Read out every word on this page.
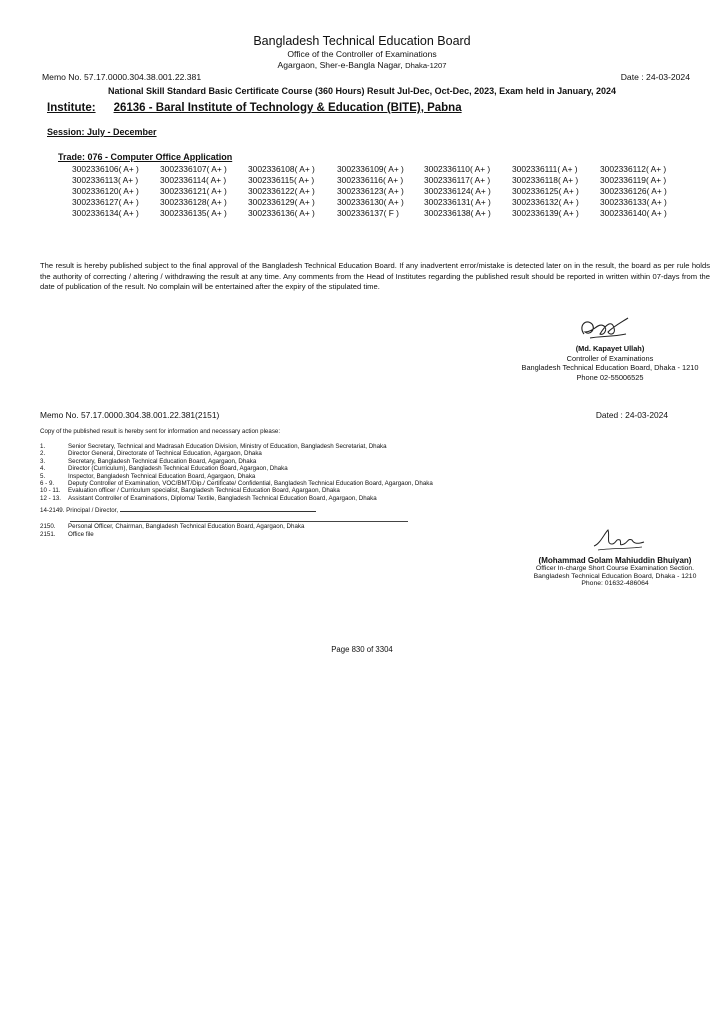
Bangladesh Technical Education Board
Office of the Controller of Examinations
Agargaon, Sher-e-Bangla Nagar, Dhaka-1207
Memo No. 57.17.0000.304.38.001.22.381	Date : 24-03-2024
National Skill Standard Basic Certificate Course (360 Hours) Result Jul-Dec, Oct-Dec, 2023, Exam held in January, 2024
Institute: 26136 - Baral Institute of Technology & Education (BITE), Pabna
Session: July - December
Trade: 076 - Computer Office Application
3002336106( A+ )	3002336107( A+ )	3002336108( A+ )	3002336109( A+ ) 3002336110( A+ )	3002336111( A+ )	3002336112( A+ )
3002336113( A+ )	3002336114( A+ )	3002336115( A+ )	3002336116( A+ ) 3002336117( A+ )	3002336118( A+ )	3002336119( A+ )
3002336120( A+ )	3002336121( A+ )	3002336122( A+ )	3002336123( A+ ) 3002336124( A+ )	3002336125( A+ )	3002336126( A+ )
3002336127( A+ )	3002336128( A+ )	3002336129( A+ )	3002336130( A+ ) 3002336131( A+ )	3002336132( A+ )	3002336133( A+ )
3002336134( A+ )	3002336135( A+ )	3002336136( A+ )	3002336137( F )	3002336138( A+ )	3002336139( A+ )	3002336140( A+ )
The result is hereby published subject to the final approval of the Bangladesh Technical Education Board. If any inadvertent error/mistake is detected later on in the result, the board as per rule holds the authority of correcting / altering / withdrawing the result at any time. Any comments from the Head of Institutes regarding the published result should be reported in written within 07-days from the date of publication of the result. No complain will be entertained after the expiry of the stipulated time.
(Md. Kapayet Ullah)
Controller of Examinations
Bangladesh Technical Education Board, Dhaka - 1210
Phone 02-55006525
Memo No. 57.17.0000.304.38.001.22.381(2151)	Dated : 24-03-2024
Copy of the published result is hereby sent for information and necessary action please:
1.	Senior Secretary, Technical and Madrasah Education Division, Ministry of Education, Bangladesh Secretariat, Dhaka
2.	Director General, Directorate of Technical Education, Agargaon, Dhaka
3.	Secretary, Bangladesh Technical Education Board, Agargaon, Dhaka
4.	Director (Curriculum), Bangladesh Technical Education Board, Agargaon, Dhaka
5.	Inspector, Bangladesh Technical Education Board, Agargaon, Dhaka
6 - 9. Deputy Controller of Examination, VOC/BMT/Dip./ Certificate/ Confidential, Bangladesh Technical Education Board, Agargaon, Dhaka
10 - 11. Evaluation officer / Curriculum specialist, Bangladesh Technical Education Board, Agargaon, Dhaka
12 - 13. Assistant Controller of Examinations, Diploma/ Textile, Bangladesh Technical Education Board, Agargaon, Dhaka
14-2149. Principal / Director,
2150. Personal Officer, Chairman, Bangladesh Technical Education Board, Agargaon, Dhaka
2151. Office file
(Mohammad Golam Mahiuddin Bhuiyan)
Officer In-charge Short Course Examination Section.
Bangladesh Technical Education Board, Dhaka - 1210
Phone: 01632-486064
Page 830 of 3304
